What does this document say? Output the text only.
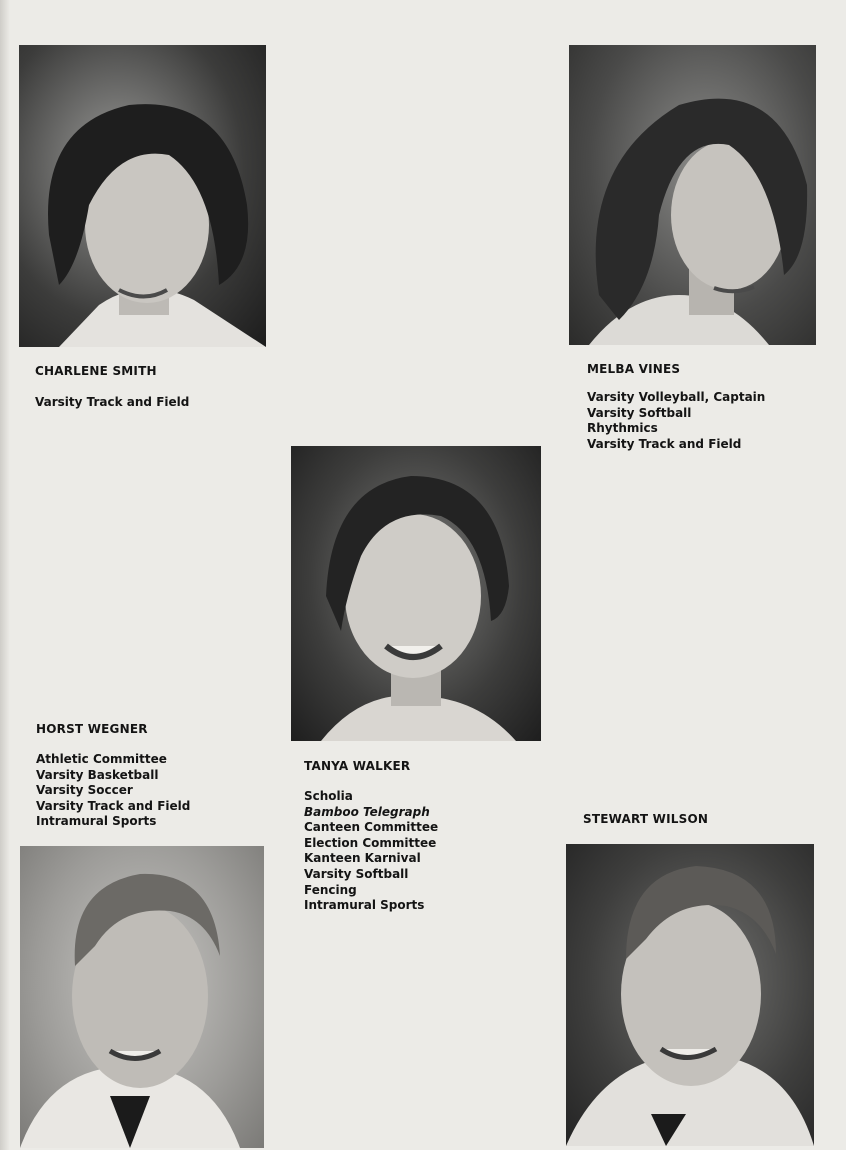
CHARLENE SMITH
Varsity Track and Field
MELBA VINES
Varsity Volleyball, Captain
Varsity Softball
Rhythmics
Varsity Track and Field
HORST WEGNER
Athletic Committee
Varsity Basketball
Varsity Soccer
Varsity Track and Field
Intramural Sports
TANYA WALKER
Scholia
Bamboo Telegraph
Canteen Committee
Election Committee
Kanteen Karnival
Varsity Softball
Fencing
Intramural Sports
STEWART WILSON
